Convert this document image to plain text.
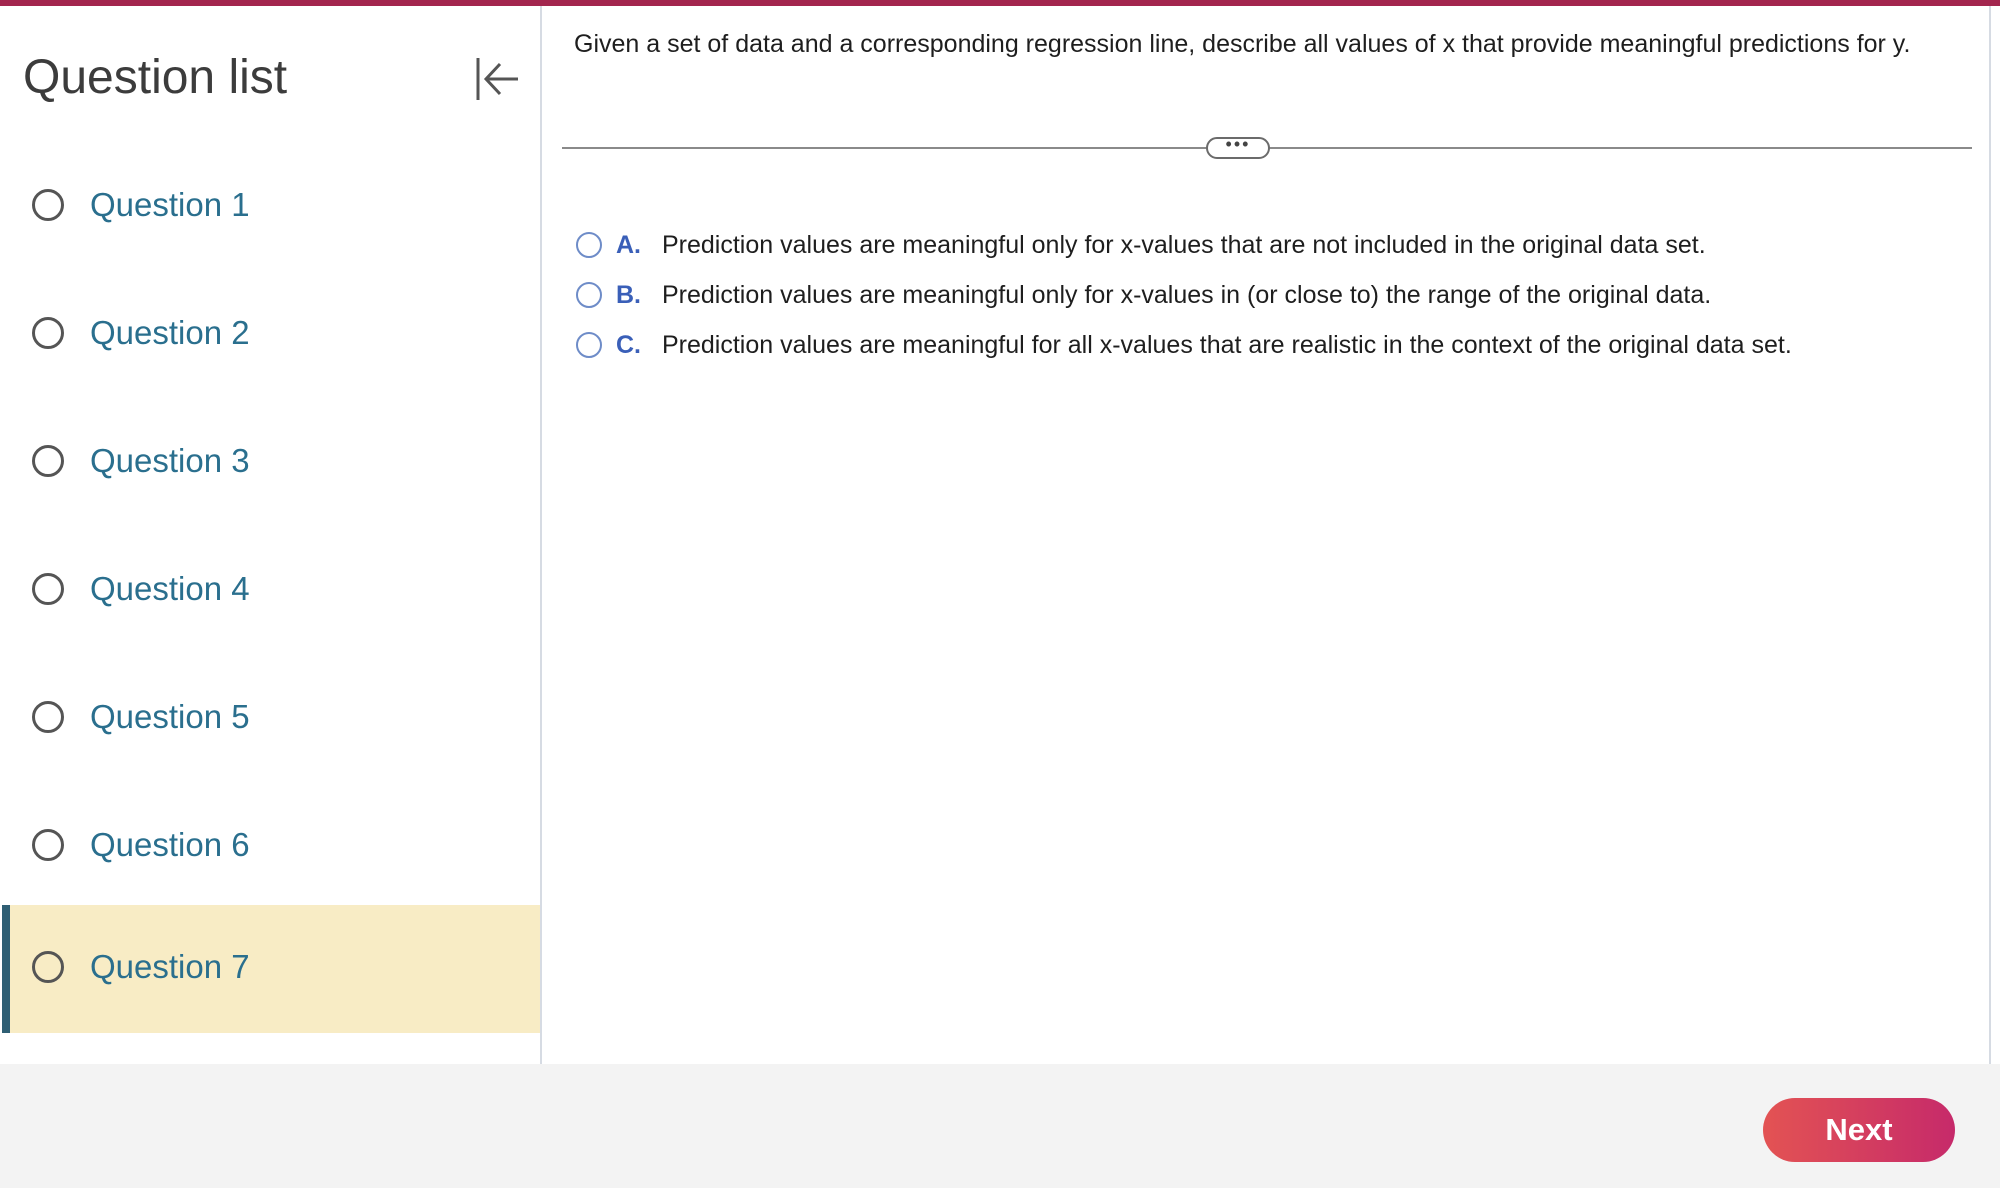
Question list
Question 1
Question 2
Question 3
Question 4
Question 5
Question 6
Question 7
Given a set of data and a corresponding regression line, describe all values of x that provide meaningful predictions for y.
•••
A. Prediction values are meaningful only for x-values that are not included in the original data set.
B. Prediction values are meaningful only for x-values in (or close to) the range of the original data.
C. Prediction values are meaningful for all x-values that are realistic in the context of the original data set.
Next
